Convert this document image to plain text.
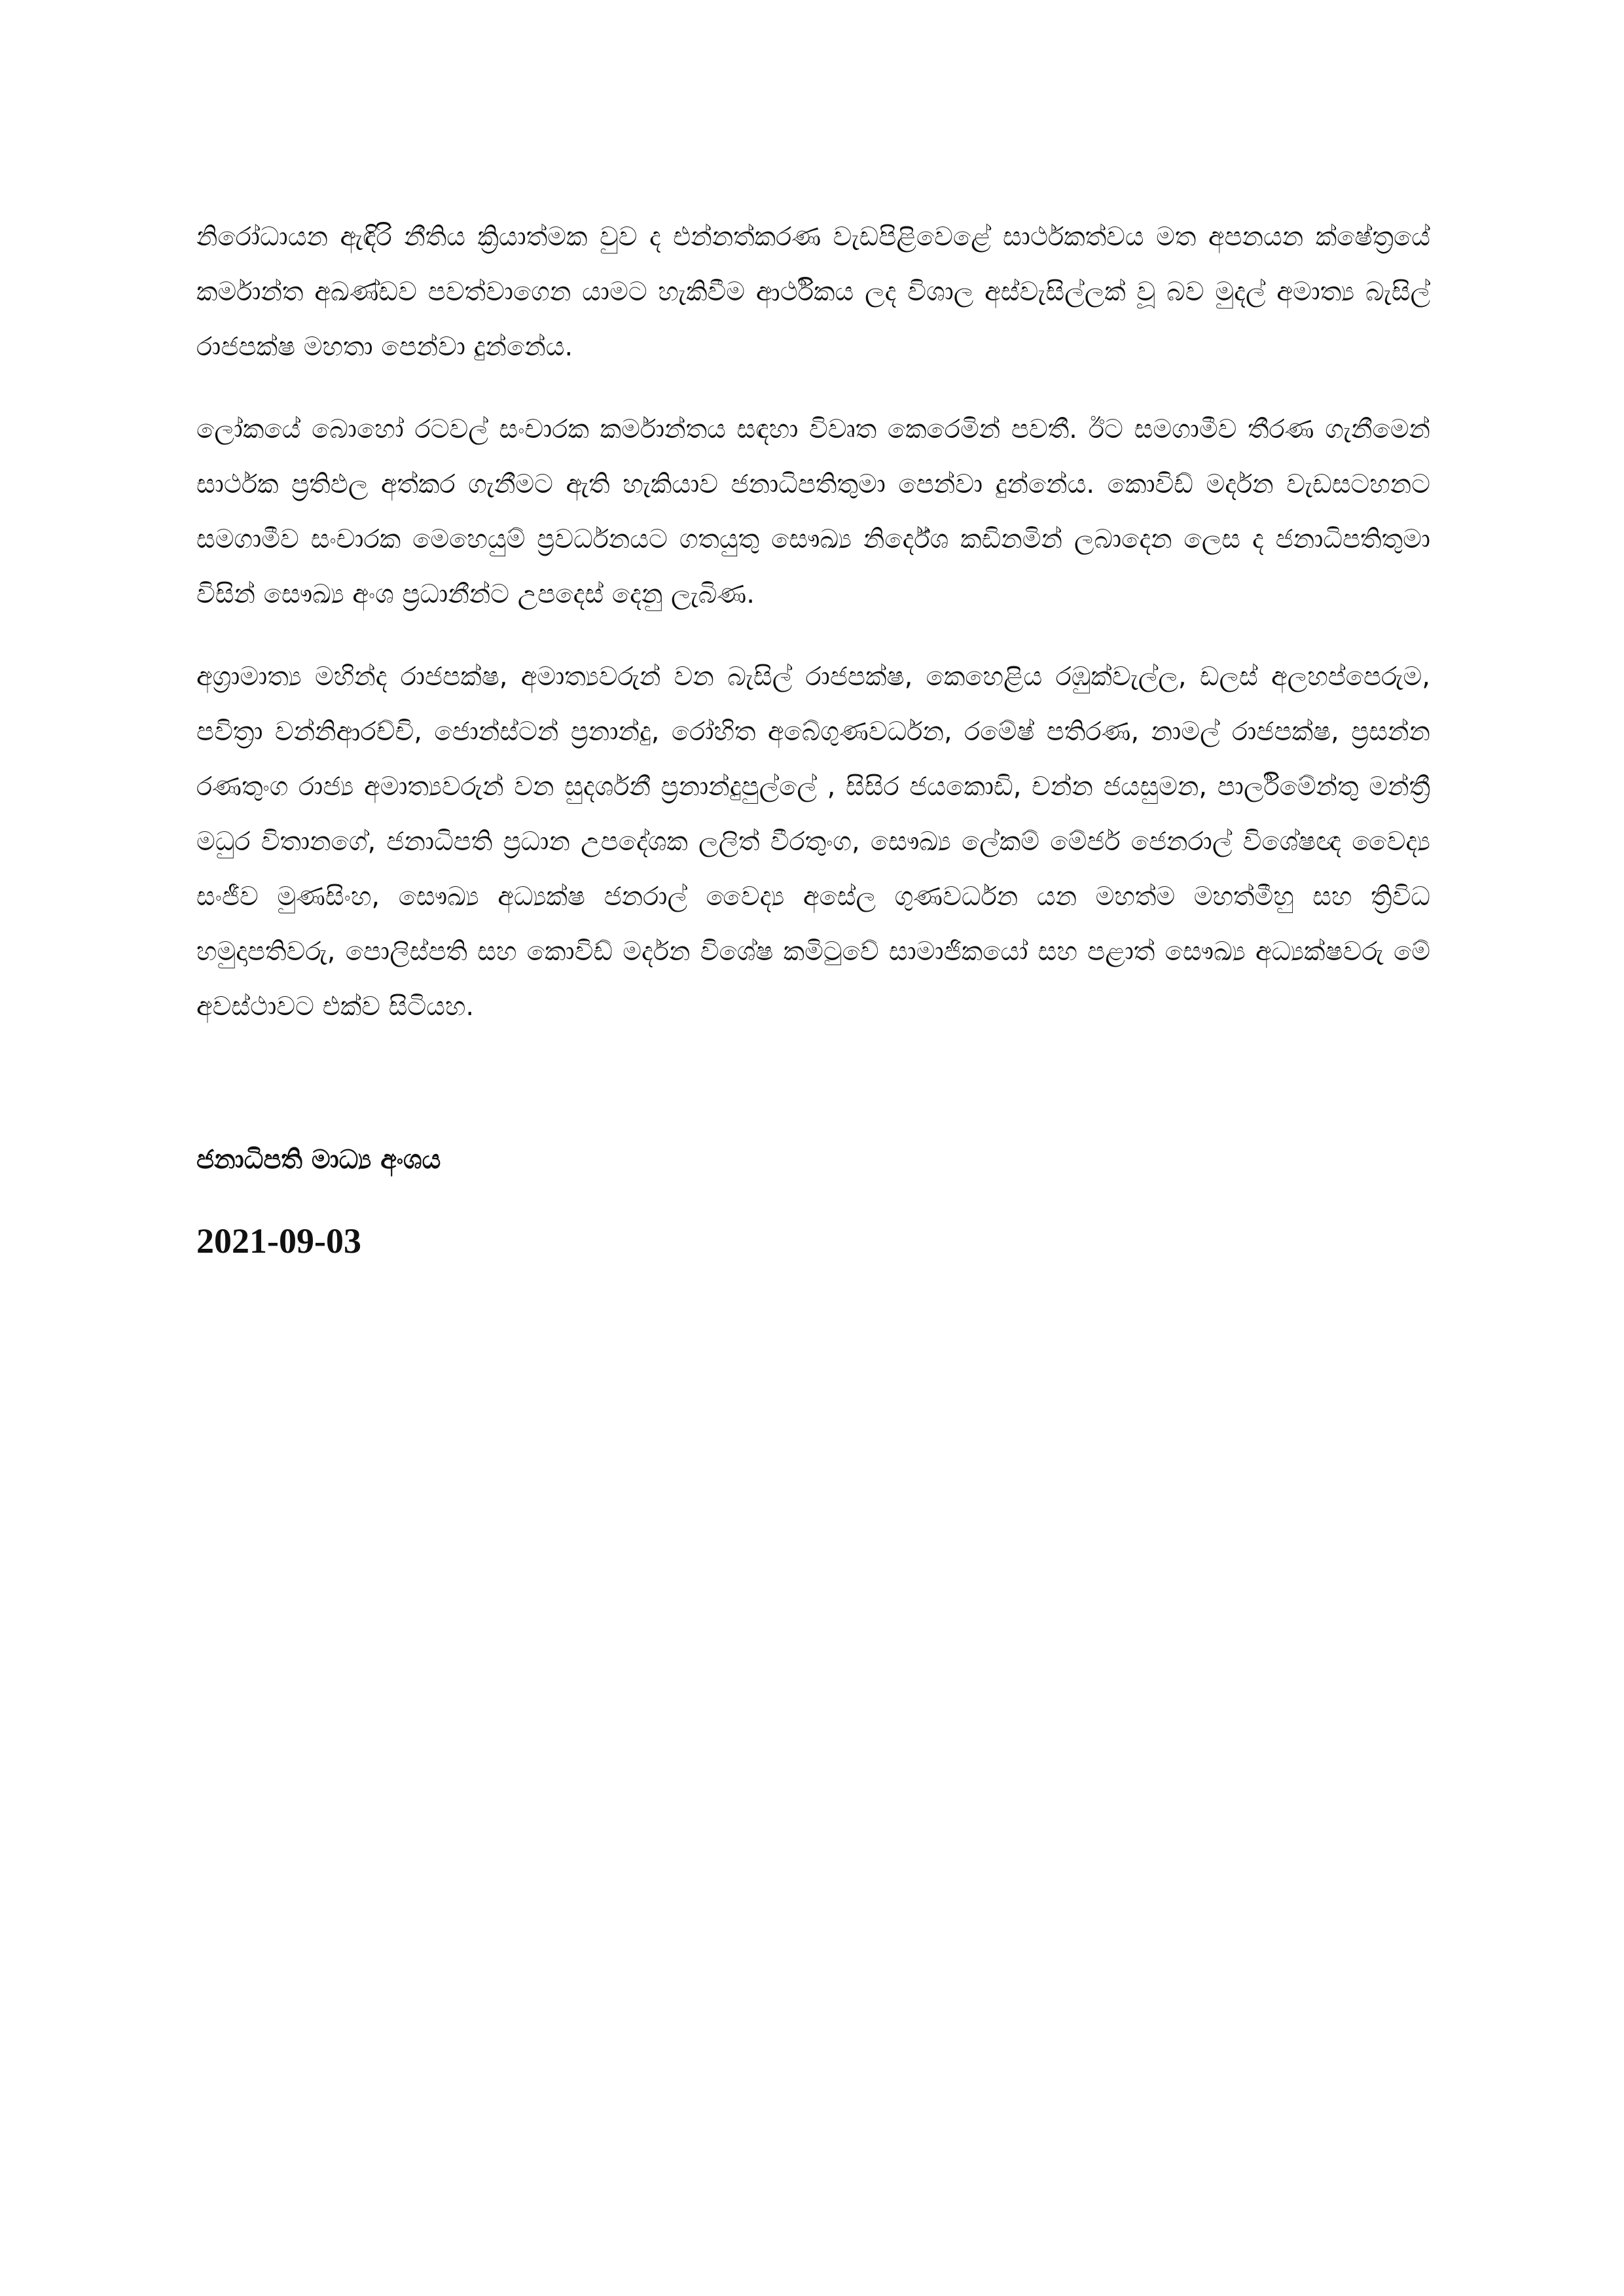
නිරෝධායන ඇඳිරි නීතිය ක්‍රියාත්මක වුව ද එන්නත්කරණ වැඩපිළිවෙළේ සාර්ථකත්වය මත අපනයන ක්ෂේත්‍රයේ කර්මාන්ත අඛණ්ඩව පවත්වාගෙන යාමට හැකිවීම ආර්ථිකය ලද විශාල අස්වැසිල්ලක් වූ බව මුදල් අමාත්‍ය බැසිල් රාජපක්ෂ මහතා පෙන්වා දුන්නේය.

ලෝකයේ බොහෝ රටවල් සංචාරක කර්මාන්තය සඳහා විවෘත කෙරෙමින් පවතී. ඊට සමගාමීව තීරණ ගැනීමෙන් සාර්ථක ප්‍රතිඵල අත්කර ගැනීමට ඇති හැකියාව ජනාධිපතිතුමා පෙන්වා දුන්නේය. කොවිඩ් මර්දන වැඩසටහනට සමගාමීව සංචාරක මෙහෙයුම් ප්‍රවර්ධනයට ගතයුතු සෞඛ්‍ය නිර්දේශ කඩිනමින් ලබාදෙන ලෙස ද ජනාධිපතිතුමා විසින් සෞඛ්‍ය අංශ ප්‍රධානීන්ට උපදෙස් දෙනු ලැබිණ.

අග්‍රාමාත්‍ය මහින්ද රාජපක්ෂ, අමාත්‍යවරුන් වන බැසිල් රාජපක්ෂ, කෙහෙළිය රඹුක්වැල්ල, ඩලස් අලහප්පෙරුම, පවිත්‍රා වන්නිආරච්චි, ජොන්ස්ටන් ප්‍රනාන්දු, රෝහිත අබේගුණවර්ධන, රමේෂ් පතිරණ, නාමල් රාජපක්ෂ, ප්‍රසන්න රණතුංග රාජ්‍ය අමාත්‍යවරුන් වන සුදර්ශනී ප්‍රනාන්දුපුල්ලේ , සිසිර ජයකොඩි, චන්න ජයසුමන, පාර්ලිමේන්තු මන්ත්‍රී මධුර විතානගේ, ජනාධිපති ප්‍රධාන උපදේශක ලලිත් වීරතුංග, සෞඛ්‍ය ලේකම් මේජර් ජෙනරාල් විශේෂඥ වෛද්‍ය සංජීව මුණසිංහ, සෞඛ්‍ය අධ්‍යක්ෂ ජනරාල් වෛද්‍ය අසේල ගුණවර්ධන යන මහත්ම මහත්මීහු සහ ත්‍රිවිධ හමුදාපතිවරු, පොලිස්පති සහ කොවිඩ් මර්දන විශේෂ කමිටුවේ සාමාජිකයෝ සහ පළාත් සෞඛ්‍ය අධ්‍යක්ෂවරු මේ අවස්ථාවට එක්ව සිටියහ.

ජනාධිපති මාධ්‍ය අංශය

2021-09-03
